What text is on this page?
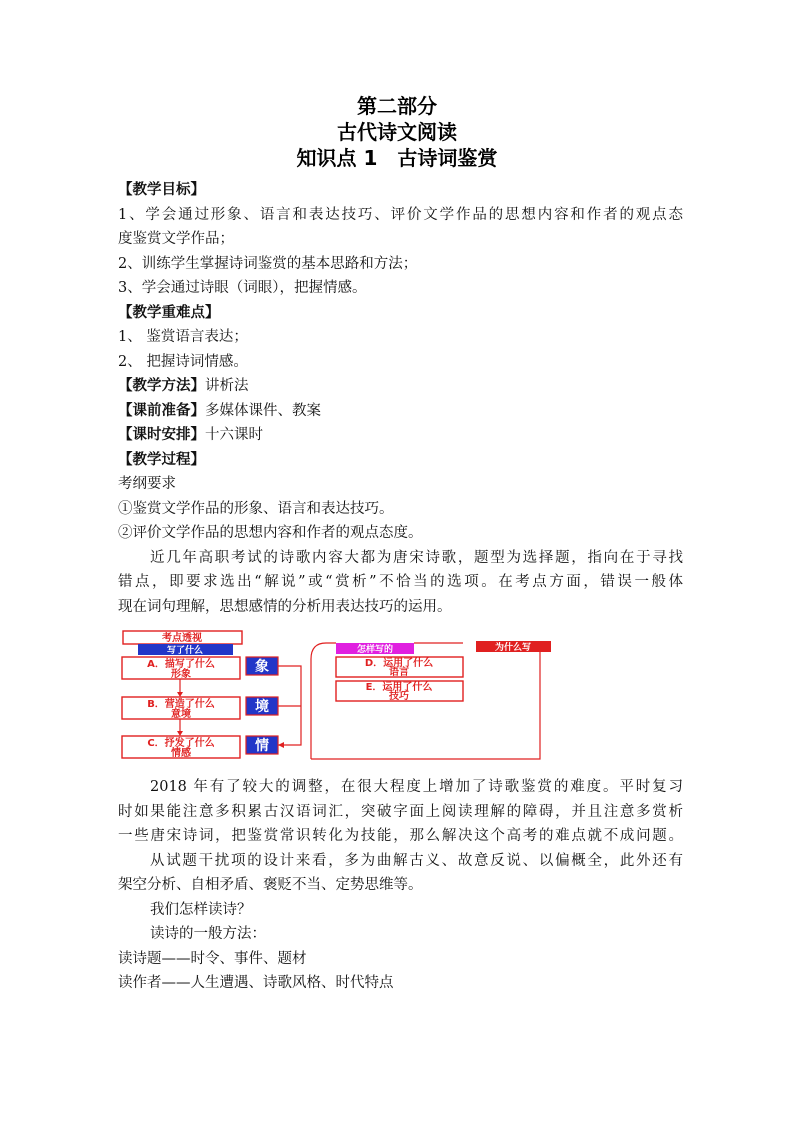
第二部分
古代诗文阅读
知识点 1　古诗词鉴赏
【教学目标】
1、学会通过形象、语言和表达技巧、评价文学作品的思想内容和作者的观点态
度鉴赏文学作品；
2、训练学生掌握诗词鉴赏的基本思路和方法；
3、学会通过诗眼（词眼），把握情感。
【教学重难点】
1、 鉴赏语言表达；
2、 把握诗词情感。
【教学方法】讲析法
【课前准备】多媒体课件、教案
【课时安排】十六课时
【教学过程】
考纲要求
①鉴赏文学作品的形象、语言和表达技巧。
②评价文学作品的思想内容和作者的观点态度。
近几年高职考试的诗歌内容大都为唐宋诗歌，题型为选择题，指向在于寻找
错点，即要求选出“解说”或“赏析”不恰当的选项。在考点方面，错误一般体
现在词句理解，思想感情的分析用表达技巧的运用。
考点透视
写了什么
A．描写了什么
形象
B．营造了什么
意境
C．抒发了什么
情感
象
境
情
怎样写的
D．运用了什么
语言
E．运用了什么
技巧
为什么写
2018 年有了较大的调整，在很大程度上增加了诗歌鉴赏的难度。平时复习
时如果能注意多积累古汉语词汇，突破字面上阅读理解的障碍，并且注意多赏析
一些唐宋诗词，把鉴赏常识转化为技能，那么解决这个高考的难点就不成问题。
从试题干扰项的设计来看，多为曲解古义、故意反说、以偏概全，此外还有
架空分析、自相矛盾、褒贬不当、定势思维等。
我们怎样读诗？
读诗的一般方法：
读诗题——时令、事件、题材
读作者——人生遭遇、诗歌风格、时代特点
